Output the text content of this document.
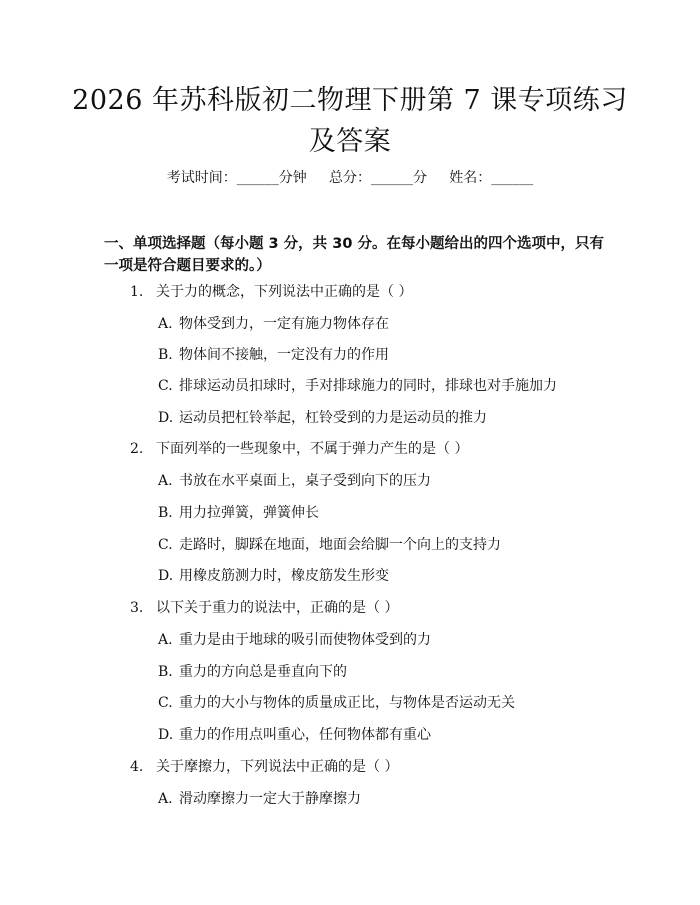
2026 年苏科版初二物理下册第 7 课专项练习
及答案
考试时间：______分钟     总分：______分     姓名：______
一、单项选择题（每小题 3 分，共 30 分。在每小题给出的四个选项中，只有一项是符合题目要求的。）
1. 关于力的概念，下列说法中正确的是（ ）
A. 物体受到力，一定有施力物体存在
B. 物体间不接触，一定没有力的作用
C. 排球运动员扣球时，手对排球施力的同时，排球也对手施加力
D. 运动员把杠铃举起，杠铃受到的力是运动员的推力
2. 下面列举的一些现象中，不属于弹力产生的是（ ）
A. 书放在水平桌面上，桌子受到向下的压力
B. 用力拉弹簧，弹簧伸长
C. 走路时，脚踩在地面，地面会给脚一个向上的支持力
D. 用橡皮筋测力时，橡皮筋发生形变
3. 以下关于重力的说法中，正确的是（ ）
A. 重力是由于地球的吸引而使物体受到的力
B. 重力的方向总是垂直向下的
C. 重力的大小与物体的质量成正比，与物体是否运动无关
D. 重力的作用点叫重心，任何物体都有重心
4. 关于摩擦力，下列说法中正确的是（ ）
A. 滑动摩擦力一定大于静摩擦力
